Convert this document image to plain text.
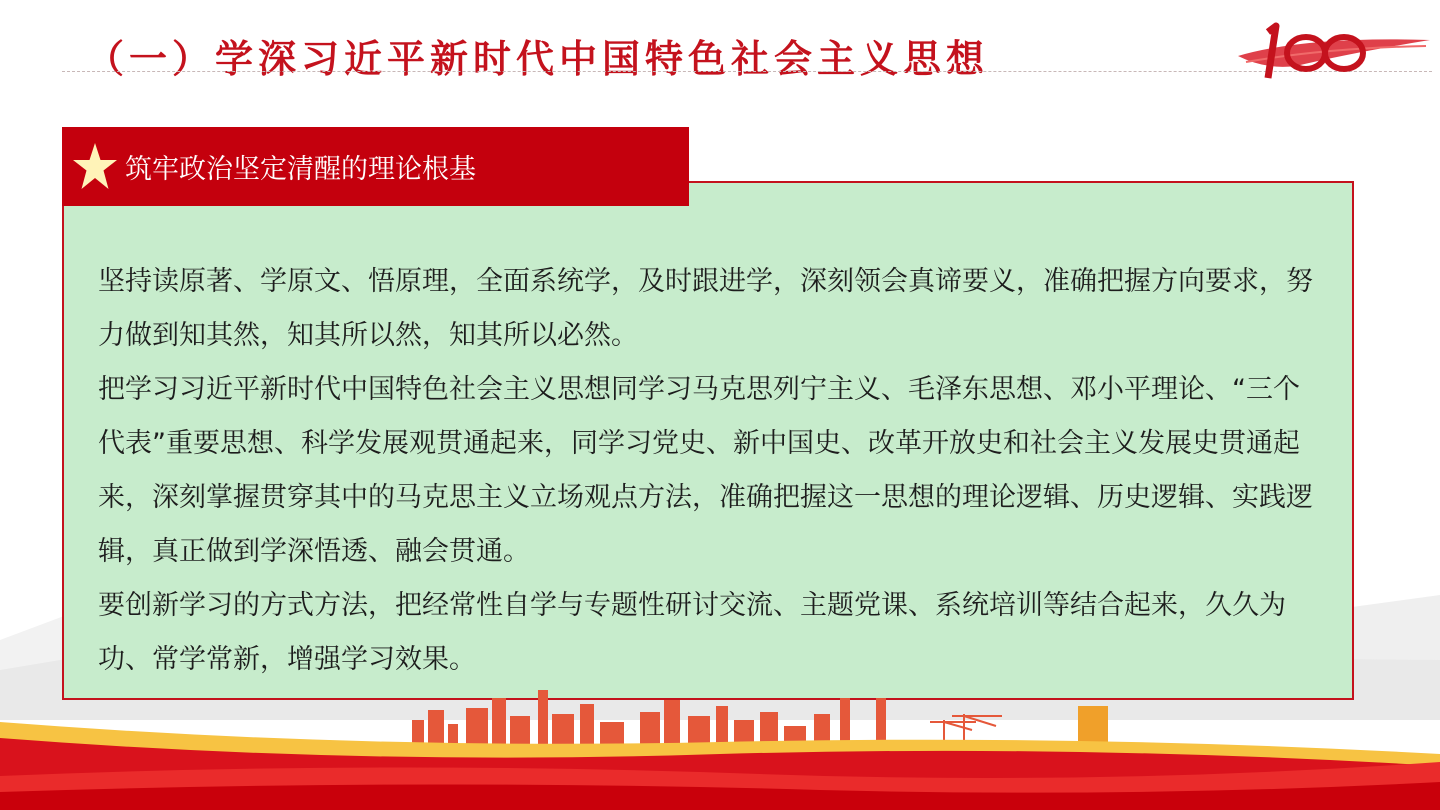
（一）学深习近平新时代中国特色社会主义思想
筑牢政治坚定清醒的理论根基

坚持读原著、学原文、悟原理，全面系统学，及时跟进学，深刻领会真谛要义，准确把握方向要求，努力做到知其然，知其所以然，知其所以必然。

把学习习近平新时代中国特色社会主义思想同学习马克思列宁主义、毛泽东思想、邓小平理论、“三个代表”重要思想、科学发展观贯通起来，同学习党史、新中国史、改革开放史和社会主义发展史贯通起来，深刻掌握贯穿其中的马克思主义立场观点方法，准确把握这一思想的理论逻辑、历史逻辑、实践逻辑，真正做到学深悟透、融会贯通。

要创新学习的方式方法，把经常性自学与专题性研讨交流、主题党课、系统培训等结合起来，久久为功、常学常新，增强学习效果。
